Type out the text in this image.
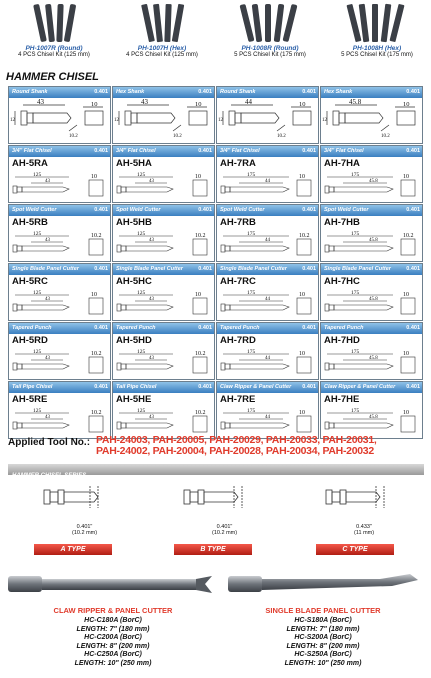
PH-1007R (Round)
4 PCS Chisel Kit (125 mm)
PH-1007H (Hex)
4 PCS Chisel Kit (125 mm)
PH-1008R (Round)
5 PCS Chisel Kit (175 mm)
PH-1008H (Hex)
5 PCS Chisel Kit (175 mm)
HAMMER CHISEL
Round Shank	0.401
43	10
12
10.2
Hex Shank	0.401
43	10
12
10.2
Round Shank	0.401
44	10
12
10.2
Hex Shank	0.401
45.8	10
12
10.2
3/4" Flat Chisel	0.401
AH-5RA
125
43
10
3/4" Flat Chisel	0.401
AH-5HA
125
43
10
3/4" Flat Chisel	0.401
AH-7RA
175
44
10
3/4" Flat Chisel	0.401
AH-7HA
175
45.8
10
Spot Weld Cutter	0.401
AH-5RB
125
43
10.2
Spot Weld Cutter	0.401
AH-5HB
125
43
10.2
Spot Weld Cutter	0.401
AH-7RB
175
44
10.2
Spot Weld Cutter	0.401
AH-7HB
175
45.8
10.2
Single Blade Panel Cutter	0.401
AH-5RC
125
43
10
Single Blade Panel Cutter	0.401
AH-5HC
125
43
10
Single Blade Panel Cutter	0.401
AH-7RC
175
44
10
Single Blade Panel Cutter	0.401
AH-7HC
175
45.8
10
Tapered Punch	0.401
AH-5RD
125
43
10.2
Tapered Punch	0.401
AH-5HD
125
43
10.2
Tapered Punch	0.401
AH-7RD
175
44
10
Tapered Punch	0.401
AH-7HD
175
45.8
10
Tail Pipe Chisel	0.401
AH-5RE
125
43
10.2
Tail Pipe Chisel	0.401
AH-5HE
125
43
10.2
Claw Ripper & Panel Cutter 0.401
AH-7RE
175
44
10
Claw Ripper & Panel Cutter 0.401
AH-7HE
175
45.8
10
Applied Tool No.: PAH-24003, PAH-20005, PAH-20029, PAH-20033, PAH-20031,
PAH-24002, PAH-20004, PAH-20028, PAH-20034, PAH-20032
HAMMER CHISEL SERIES
0.401"
(10.2 mm)
A TYPE
0.401"
(10.2 mm)
B TYPE
0.433"
(11 mm)
C TYPE
CLAW RIPPER & PANEL CUTTER
HC-C180A (BorC)
LENGTH: 7" (180 mm)
HC-C200A (BorC)
LENGTH: 8" (200 mm)
HC-C250A (BorC)
LENGTH: 10" (250 mm)
SINGLE BLADE PANEL CUTTER
HC-S180A (BorC)
LENGTH: 7" (180 mm)
HC-S200A (BorC)
LENGTH: 8" (200 mm)
HC-S250A (BorC)
LENGTH: 10" (250 mm)
